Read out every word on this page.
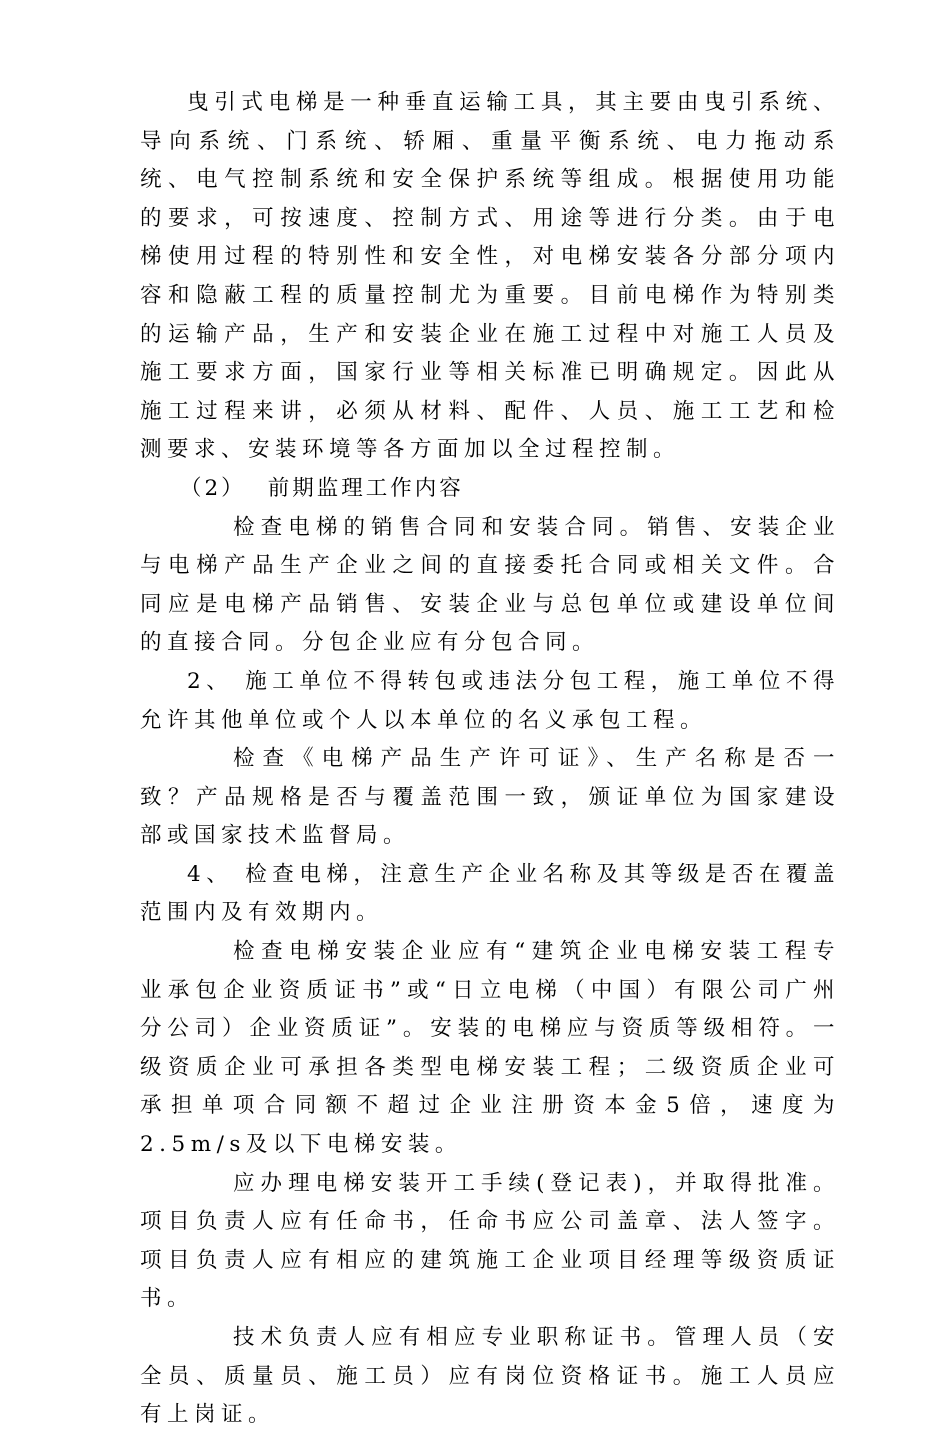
曳引式电梯是一种垂直运输工具，其主要由曳引系统、导向系统、门系统、轿厢、重量平衡系统、电力拖动系统、电气控制系统和安全保护系统等组成。根据使用功能的要求，可按速度、控制方式、用途等进行分类。由于电梯使用过程的特别性和安全性，对电梯安装各分部分项内容和隐蔽工程的质量控制尤为重要。目前电梯作为特别类的运输产品，生产和安装企业在施工过程中对施工人员及施工要求方面，国家行业等相关标准已明确规定。因此从施工过程来讲，必须从材料、配件、人员、施工工艺和检测要求、安装环境等各方面加以全过程控制。

（2） 前期监理工作内容

检查电梯的销售合同和安装合同。销售、安装企业与电梯产品生产企业之间的直接委托合同或相关文件。合同应是电梯产品销售、安装企业与总包单位或建设单位间的直接合同。分包企业应有分包合同。

2、 施工单位不得转包或违法分包工程，施工单位不得允许其他单位或个人以本单位的名义承包工程。

检查《电梯产品生产许可证》、生产名称是否一致？产品规格是否与覆盖范围一致，颁证单位为国家建设部或国家技术监督局。

4、 检查电梯，注意生产企业名称及其等级是否在覆盖范围内及有效期内。

检查电梯安装企业应有“建筑企业电梯安装工程专业承包企业资质证书”或“日立电梯（中国）有限公司广州分公司）企业资质证”。安装的电梯应与资质等级相符。一级资质企业可承担各类型电梯安装工程；二级资质企业可承担单项合同额不超过企业注册资本金5倍，速度为2.5m/s及以下电梯安装。

应办理电梯安装开工手续(登记表)，并取得批准。项目负责人应有任命书，任命书应公司盖章、法人签字。项目负责人应有相应的建筑施工企业项目经理等级资质证书。

技术负责人应有相应专业职称证书。管理人员（安全员、质量员、施工员）应有岗位资格证书。施工人员应有上岗证。
